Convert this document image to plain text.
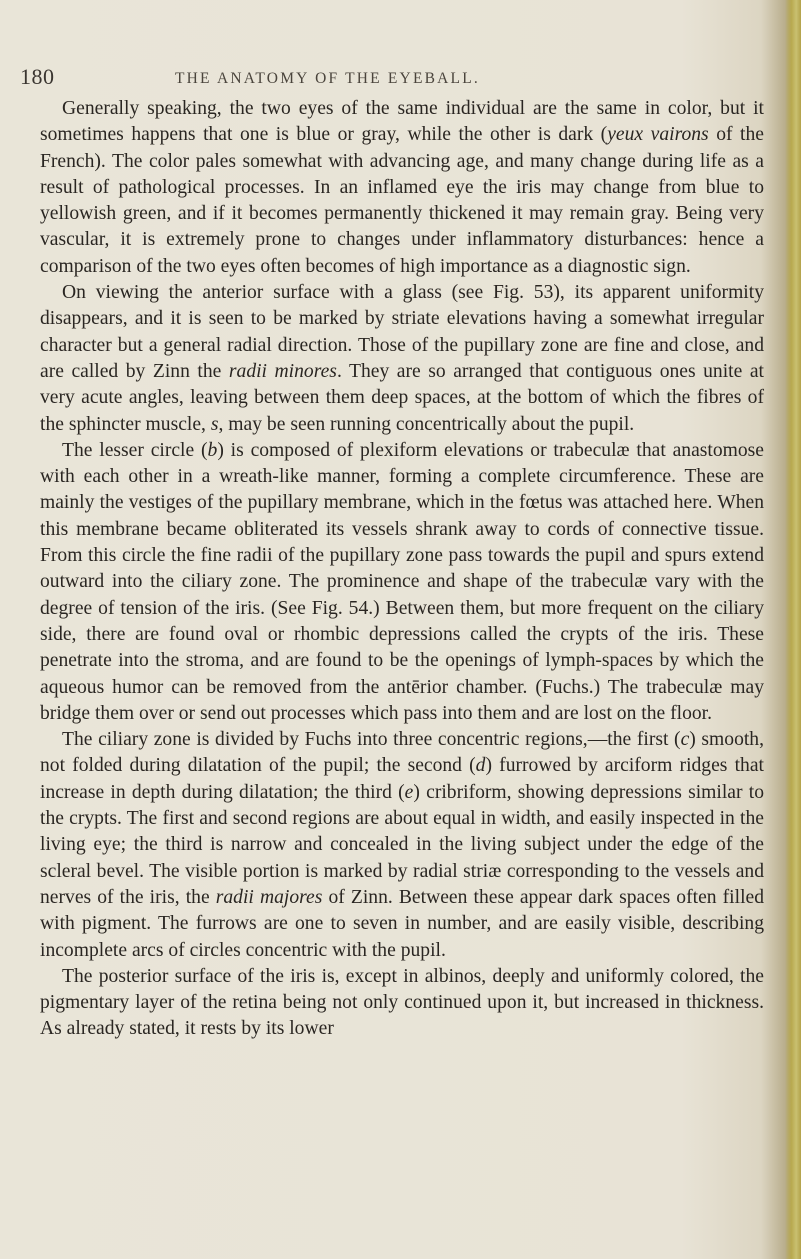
180	THE ANATOMY OF THE EYEBALL.

Generally speaking, the two eyes of the same individual are the same in color, but it sometimes happens that one is blue or gray, while the other is dark (yeux vairons of the French). The color pales somewhat with advancing age, and many change during life as a result of pathological processes. In an inflamed eye the iris may change from blue to yellowish green, and if it becomes permanently thickened it may remain gray. Being very vascular, it is extremely prone to changes under inflammatory disturbances: hence a comparison of the two eyes often becomes of high importance as a diagnostic sign.

On viewing the anterior surface with a glass (see Fig. 53), its apparent uniformity disappears, and it is seen to be marked by striate elevations having a somewhat irregular character but a general radial direction. Those of the pupillary zone are fine and close, and are called by Zinn the radii minores. They are so arranged that contiguous ones unite at very acute angles, leaving between them deep spaces, at the bottom of which the fibres of the sphincter muscle, s, may be seen running concentrically about the pupil.

The lesser circle (b) is composed of plexiform elevations or trabeculæ that anastomose with each other in a wreath-like manner, forming a complete circumference. These are mainly the vestiges of the pupillary membrane, which in the fœtus was attached here. When this membrane became obliterated its vessels shrank away to cords of connective tissue. From this circle the fine radii of the pupillary zone pass towards the pupil and spurs extend outward into the ciliary zone. The prominence and shape of the trabeculæ vary with the degree of tension of the iris. (See Fig. 54.) Between them, but more frequent on the ciliary side, there are found oval or rhombic depressions called the crypts of the iris. These penetrate into the stroma, and are found to be the openings of lymph-spaces by which the aqueous humor can be removed from the antērior chamber. (Fuchs.) The trabeculæ may bridge them over or send out processes which pass into them and are lost on the floor.

The ciliary zone is divided by Fuchs into three concentric regions,—the first (c) smooth, not folded during dilatation of the pupil; the second (d) furrowed by arciform ridges that increase in depth during dilatation; the third (e) cribriform, showing depressions similar to the crypts. The first and second regions are about equal in width, and easily inspected in the living eye; the third is narrow and concealed in the living subject under the edge of the scleral bevel. The visible portion is marked by radial striæ corresponding to the vessels and nerves of the iris, the radii majores of Zinn. Between these appear dark spaces often filled with pigment. The furrows are one to seven in number, and are easily visible, describing incomplete arcs of circles concentric with the pupil.

The posterior surface of the iris is, except in albinos, deeply and uniformly colored, the pigmentary layer of the retina being not only continued upon it, but increased in thickness. As already stated, it rests by its lower
